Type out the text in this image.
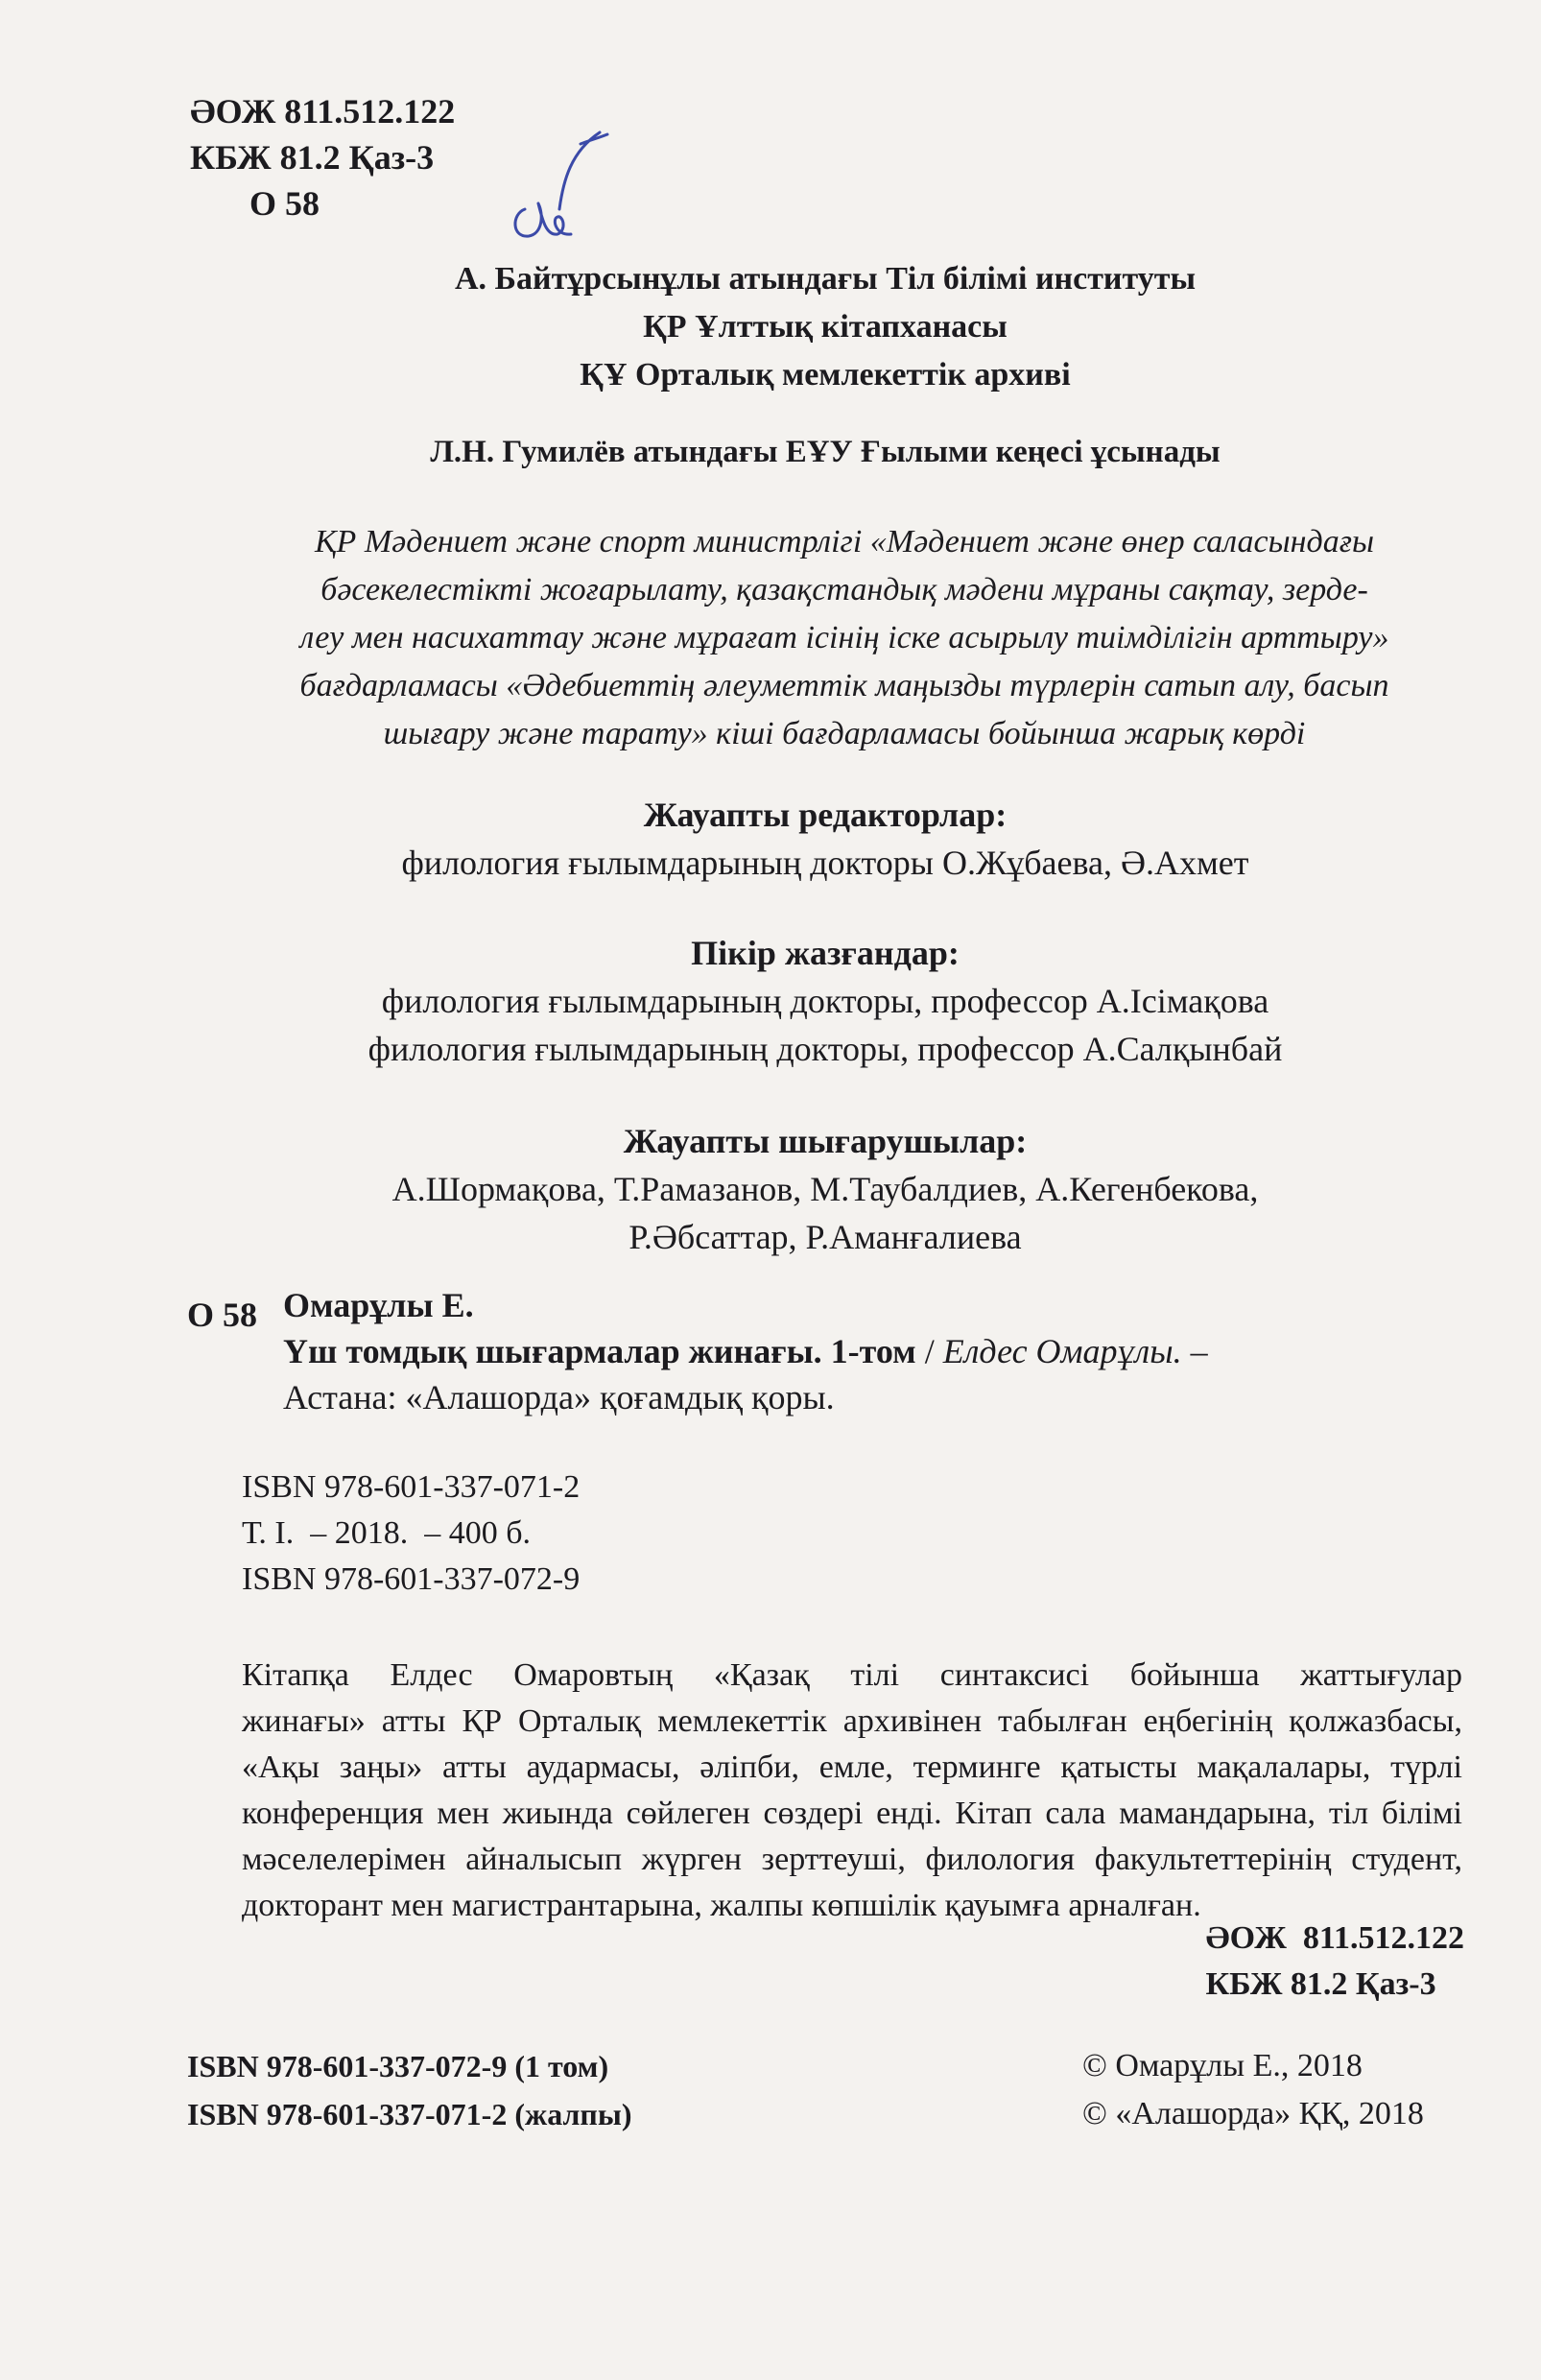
ӘОЖ 811.512.122
КБЖ 81.2 Қаз-3
О 58
А. Байтұрсынұлы атындағы Тіл білімі институты
ҚР Ұлттық кітапханасы
ҚҰ Орталық мемлекеттік архиві
Л.Н. Гумилёв атындағы ЕҰУ Ғылыми кеңесі ұсынады
ҚР Мәдениет және спорт министрлігі «Мәдениет және өнер саласындағы
бәсекелестікті жоғарылату, қазақстандық мәдени мұраны сақтау, зерде-
леу мен насихаттау және мұрағат ісінің іске асырылу тиімділігін арттыру»
бағдарламасы «Әдебиеттің әлеуметтік маңызды түрлерін сатып алу, басып
шығару және тарату» кіші бағдарламасы бойынша жарық көрді
Жауапты редакторлар:
филология ғылымдарының докторы О.Жұбаева, Ә.Ахмет
Пікір жазғандар:
филология ғылымдарының докторы, профессор А.Ісімақова
филология ғылымдарының докторы, профессор А.Салқынбай
Жауапты шығарушылар:
А.Шормақова, Т.Рамазанов, М.Таубалдиев, А.Кегенбекова,
Р.Әбсаттар, Р.Аманғалиева
О 58 Омарұлы Е.
Үш томдық шығармалар жинағы. 1-том / Елдес Омарұлы. –
Астана: «Алашорда» қоғамдық қоры.
ISBN 978-601-337-071-2
Т. І.  – 2018.  – 400 б.
ISBN 978-601-337-072-9
Кітапқа Елдес Омаровтың «Қазақ тілі синтаксисі бойынша жаттығулар
жинағы» атты ҚР Орталық мемлекеттік архивінен табылған еңбегінің қолжазбасы,
«Ақы заңы» атты аудармасы, әліпби, емле, терминге қатысты мақалалары, түрлі
конференция мен жиында сөйлеген сөздері енді. Кітап сала мамандарына, тіл білімі
мәселелерімен айналысып жүрген зерттеуші, филология факультеттерінің студент,
докторант мен магистрантарына, жалпы көпшілік қауымға арналған.
ӘОЖ  811.512.122
КБЖ 81.2 Қаз-3
ISBN 978-601-337-072-9 (1 том)
ISBN 978-601-337-071-2 (жалпы)
© Омарұлы Е., 2018
© «Алашорда» ҚҚ, 2018
